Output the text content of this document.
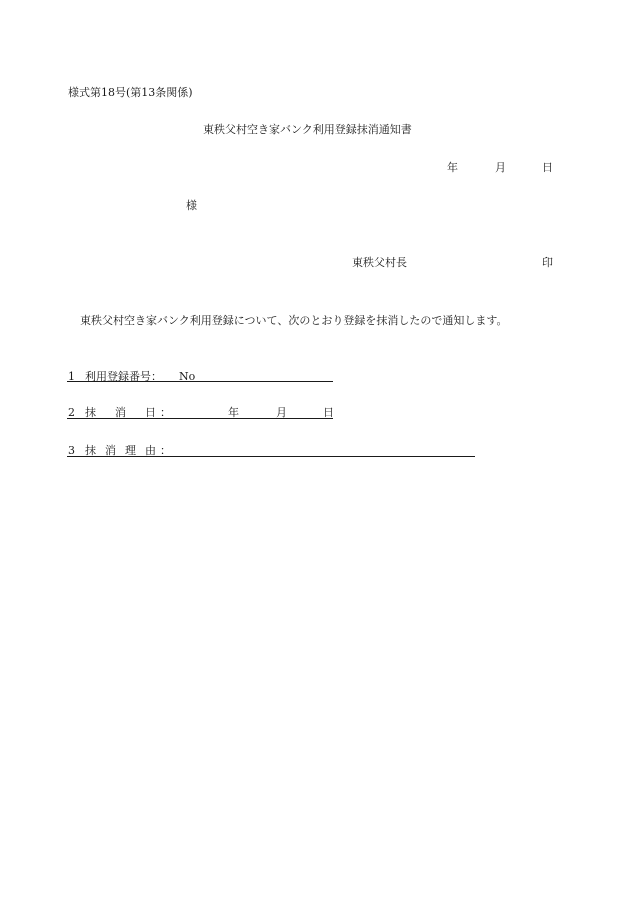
様式第18号(第13条関係)
東秩父村空き家バンク利用登録抹消通知書
年	月	日
様
東秩父村長	印
東秩父村空き家バンク利用登録について、次のとおり登録を抹消したので通知します。
1 利用登録番号： No
2 抹 消 日 ：	年	月	日
3 抹 消 理 由 ：
